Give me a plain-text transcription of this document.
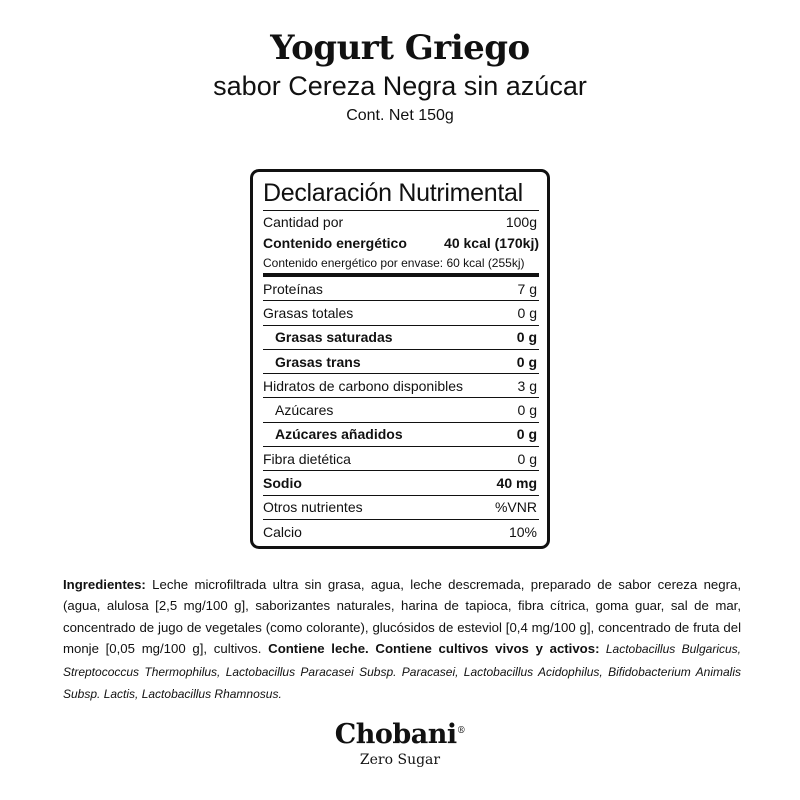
Yogurt Griego
sabor Cereza Negra sin azúcar
Cont. Net 150g
Declaración Nutrimental
Cantidad por	100g
Contenido energético	40 kcal (170kj)
Contenido energético por envase: 60 kcal (255kj)
Proteínas	7 g
Grasas totales	0 g
Grasas saturadas	0 g
Grasas trans	0 g
Hidratos de carbono disponibles	3 g
Azúcares	0 g
Azúcares añadidos	0 g
Fibra dietética	0 g
Sodio	40 mg
Otros nutrientes	%VNR
Calcio	10%
Ingredientes: Leche microfiltrada ultra sin grasa, agua, leche descremada, preparado de sabor cereza negra, (agua, alulosa [2,5 mg/100 g], saborizantes naturales, harina de tapioca, fibra cítrica, goma guar, sal de mar, concentrado de jugo de vegetales (como colorante), glucósidos de esteviol [0,4 mg/100 g], concentrado de fruta del monje [0,05 mg/100 g], cultivos. Contiene leche. Contiene cultivos vivos y activos: Lactobacillus Bulgaricus, Streptococcus Thermophilus, Lactobacillus Paracasei Subsp. Paracasei, Lactobacillus Acidophilus, Bifidobacterium Animalis Subsp. Lactis, Lactobacillus Rhamnosus.
Chobani®
Zero Sugar
